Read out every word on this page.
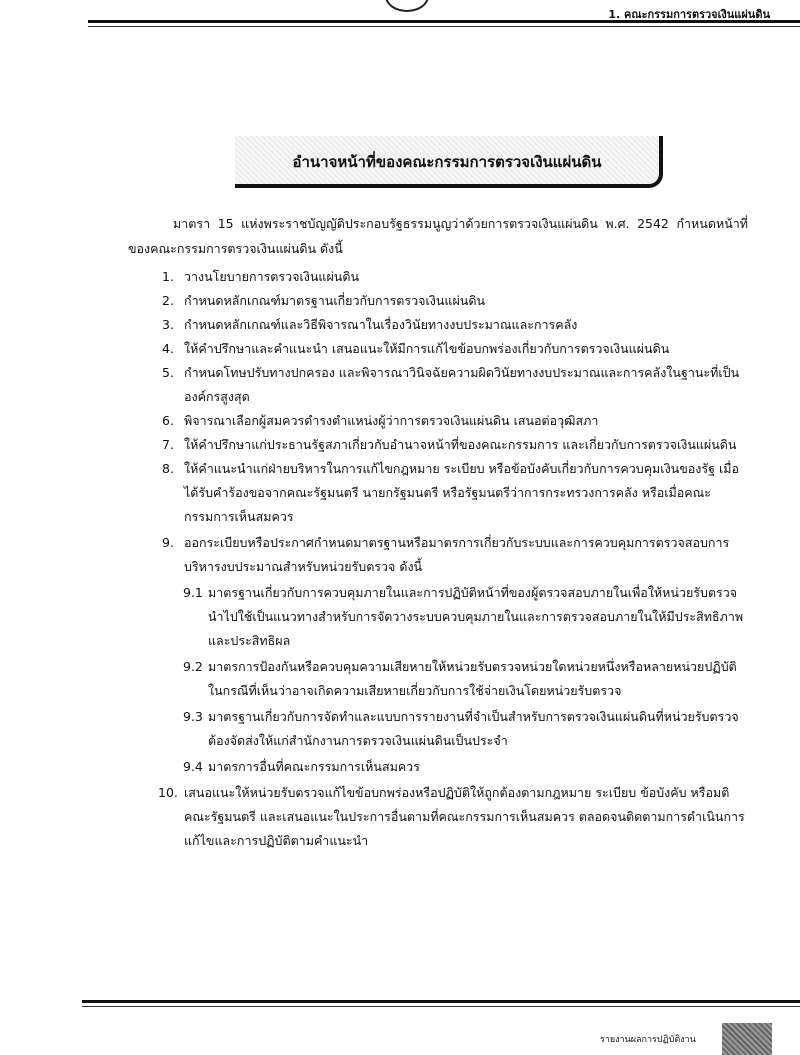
1. คณะกรรมการตรวจเงินแผ่นดิน
อำนาจหน้าที่ของคณะกรรมการตรวจเงินแผ่นดิน

มาตรา 15 แห่งพระราชบัญญัติประกอบรัฐธรรมนูญว่าด้วยการตรวจเงินแผ่นดิน พ.ศ. 2542 กำหนดหน้าที่ของคณะกรรมการตรวจเงินแผ่นดิน ดังนี้

1. วางนโยบายการตรวจเงินแผ่นดิน
2. กำหนดหลักเกณฑ์มาตรฐานเกี่ยวกับการตรวจเงินแผ่นดิน
3. กำหนดหลักเกณฑ์และวิธีพิจารณาในเรื่องวินัยทางงบประมาณและการคลัง
4. ให้คำปรึกษาและคำแนะนำ เสนอแนะให้มีการแก้ไขข้อบกพร่องเกี่ยวกับการตรวจเงินแผ่นดิน
5. กำหนดโทษปรับทางปกครอง และพิจารณาวินิจฉัยความผิดวินัยทางงบประมาณและการคลังในฐานะที่เป็นองค์กรสูงสุด
6. พิจารณาเลือกผู้สมควรดำรงตำแหน่งผู้ว่าการตรวจเงินแผ่นดิน เสนอต่อวุฒิสภา
7. ให้คำปรึกษาแก่ประธานรัฐสภาเกี่ยวกับอำนาจหน้าที่ของคณะกรรมการ และเกี่ยวกับการตรวจเงินแผ่นดิน
8. ให้คำแนะนำแก่ฝ่ายบริหารในการแก้ไขกฎหมาย ระเบียบ หรือข้อบังคับเกี่ยวกับการควบคุมเงินของรัฐ เมื่อได้รับคำร้องขอจากคณะรัฐมนตรี นายกรัฐมนตรี หรือรัฐมนตรีว่าการกระทรวงการคลัง หรือเมื่อคณะกรรมการเห็นสมควร
9. ออกระเบียบหรือประกาศกำหนดมาตรฐานหรือมาตรการเกี่ยวกับระบบและการควบคุมการตรวจสอบการบริหารงบประมาณสำหรับหน่วยรับตรวจ ดังนี้
9.1 มาตรฐานเกี่ยวกับการควบคุมภายในและการปฏิบัติหน้าที่ของผู้ตรวจสอบภายในเพื่อให้หน่วยรับตรวจนำไปใช้เป็นแนวทางสำหรับการจัดวางระบบควบคุมภายในและการตรวจสอบภายในให้มีประสิทธิภาพและประสิทธิผล
9.2 มาตรการป้องกันหรือควบคุมความเสียหายให้หน่วยรับตรวจหน่วยใดหน่วยหนึ่งหรือหลายหน่วยปฏิบัติในกรณีที่เห็นว่าอาจเกิดความเสียหายเกี่ยวกับการใช้จ่ายเงินโดยหน่วยรับตรวจ
9.3 มาตรฐานเกี่ยวกับการจัดทำและแบบการรายงานที่จำเป็นสำหรับการตรวจเงินแผ่นดินที่หน่วยรับตรวจต้องจัดส่งให้แก่สำนักงานการตรวจเงินแผ่นดินเป็นประจำ
9.4 มาตรการอื่นที่คณะกรรมการเห็นสมควร
10. เสนอแนะให้หน่วยรับตรวจแก้ไขข้อบกพร่องหรือปฏิบัติให้ถูกต้องตามกฎหมาย ระเบียบ ข้อบังคับ หรือมติคณะรัฐมนตรี และเสนอแนะในประการอื่นตามที่คณะกรรมการเห็นสมควร ตลอดจนติดตามการดำเนินการแก้ไขและการปฏิบัติตามคำแนะนำ
รายงานผลการปฏิบัติงาน
